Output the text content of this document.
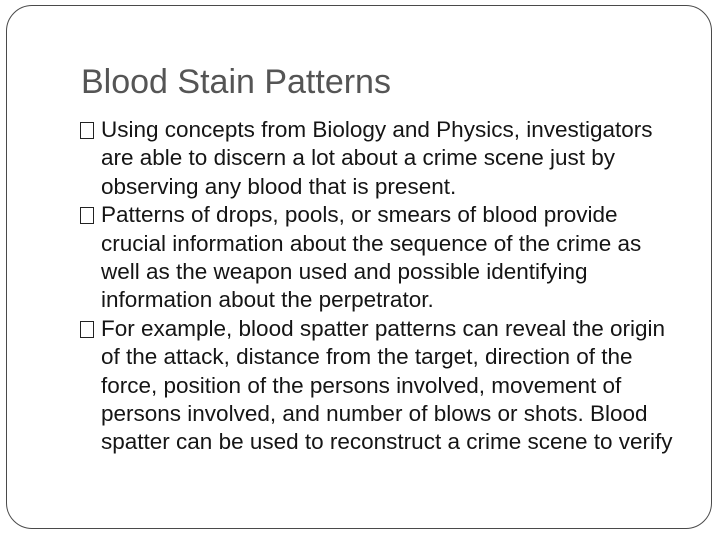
Blood Stain Patterns
Using concepts from Biology and Physics, investigators are able to discern a lot about a crime scene just by observing any blood that is present.
Patterns of drops, pools, or smears of blood provide crucial information about the sequence of the crime as well as the weapon used and possible identifying information about the perpetrator.
For example, blood spatter patterns can reveal the origin of the attack, distance from the target, direction of the force, position of the persons involved, movement of persons involved, and number of blows or shots. Blood spatter can be used to reconstruct a crime scene to verify
